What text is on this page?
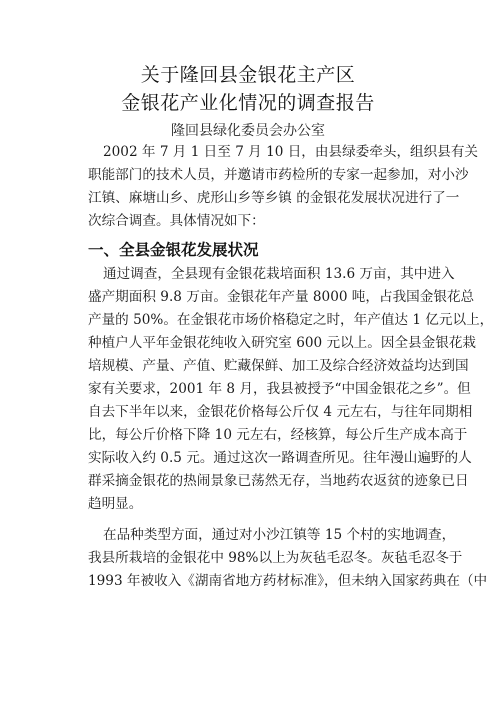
关于隆回县金银花主产区
金银花产业化情况的调查报告
隆回县绿化委员会办公室
2002 年 7 月 1 日至 7 月 10 日，由县绿委牵头，组织县有关
职能部门的技术人员，并邀请市药检所的专家一起参加，对小沙
江镇、麻塘山乡、虎形山乡等乡镇 的金银花发展状况进行了一
次综合调查。具体情况如下：
一、全县金银花发展状况
通过调查，全县现有金银花栽培面积 13.6 万亩，其中进入
盛产期面积 9.8 万亩。金银花年产量 8000 吨，占我国金银花总
产量的 50%。在金银花市场价格稳定之时，年产值达 1 亿元以上，
种植户人平年金银花纯收入研究室 600 元以上。因全县金银花栽
培规模、产量、产值、贮藏保鲜、加工及综合经济效益均达到国
家有关要求，2001 年 8 月，我县被授予“中国金银花之乡”。但
自去下半年以来，金银花价格每公斤仅 4 元左右，与往年同期相
比，每公斤价格下降 10 元左右，经核算，每公斤生产成本高于
实际收入约 0.5 元。通过这次一路调查所见。往年漫山遍野的人
群采摘金银花的热闹景象已荡然无存，当地药农返贫的迹象已日
趋明显。
在品种类型方面，通过对小沙江镇等 15 个村的实地调查，
我县所栽培的金银花中 98%以上为灰毡毛忍冬。灰毡毛忍冬于
1993 年被收入《湖南省地方药材标准》，但未纳入国家药典在（中
